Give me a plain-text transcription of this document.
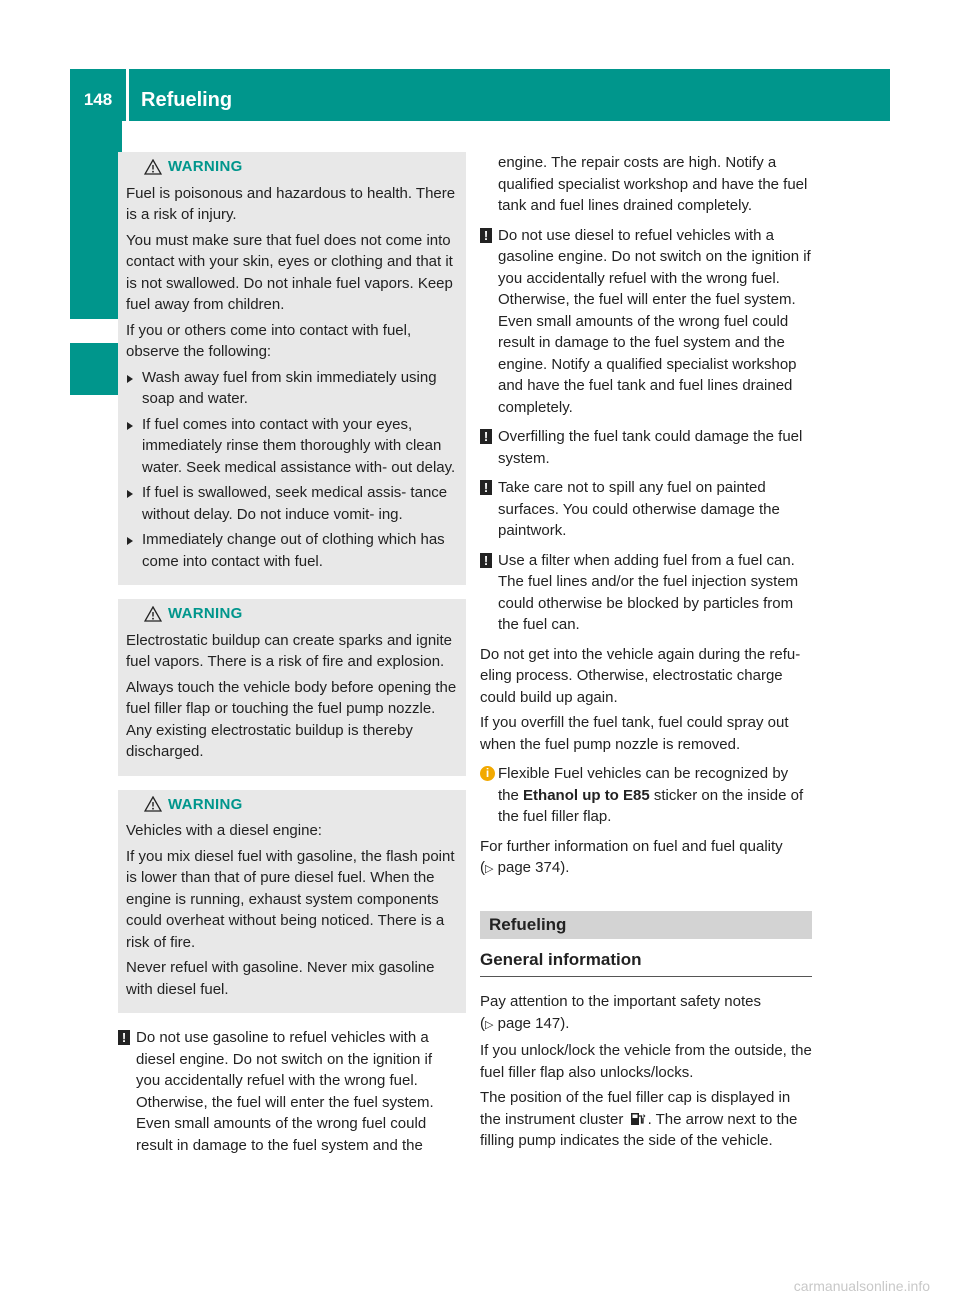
148	Refueling
WARNING

Fuel is poisonous and hazardous to health. There is a risk of injury.

You must make sure that fuel does not come into contact with your skin, eyes or clothing and that it is not swallowed. Do not inhale fuel vapors. Keep fuel away from children.

If you or others come into contact with fuel, observe the following:

Wash away fuel from skin immediately using soap and water.
If fuel comes into contact with your eyes, immediately rinse them thoroughly with clean water. Seek medical assistance with- out delay.
If fuel is swallowed, seek medical assis- tance without delay. Do not induce vomit- ing.
Immediately change out of clothing which has come into contact with fuel.
WARNING

Electrostatic buildup can create sparks and ignite fuel vapors. There is a risk of fire and explosion.

Always touch the vehicle body before opening the fuel filler flap or touching the fuel pump nozzle. Any existing electrostatic buildup is thereby discharged.

WARNING

Vehicles with a diesel engine:

If you mix diesel fuel with gasoline, the flash point is lower than that of pure diesel fuel. When the engine is running, exhaust system components could overheat without being noticed. There is a risk of fire.

Never refuel with gasoline. Never mix gasoline with diesel fuel.

! Do not use gasoline to refuel vehicles with a diesel engine. Do not switch on the ignition if you accidentally refuel with the wrong fuel. Otherwise, the fuel will enter the fuel system. Even small amounts of the wrong fuel could result in damage to the fuel system and the

engine. The repair costs are high. Notify a qualified specialist workshop and have the fuel tank and fuel lines drained completely.

! Do not use diesel to refuel vehicles with a gasoline engine. Do not switch on the ignition if you accidentally refuel with the wrong fuel. Otherwise, the fuel will enter the fuel system. Even small amounts of the wrong fuel could result in damage to the fuel system and the engine. Notify a qualified specialist workshop and have the fuel tank and fuel lines drained completely.
! Overfilling the fuel tank could damage the fuel system.
! Take care not to spill any fuel on painted surfaces. You could otherwise damage the paintwork.
! Use a filter when adding fuel from a fuel can. The fuel lines and/or the fuel injection system could otherwise be blocked by particles from the fuel can.

Do not get into the vehicle again during the refu- eling process. Otherwise, electrostatic charge could build up again.

If you overfill the fuel tank, fuel could spray out when the fuel pump nozzle is removed.

i Flexible Fuel vehicles can be recognized by the Ethanol up to E85 sticker on the inside of the fuel filler flap.

For further information on fuel and fuel quality
(▷ page 374).

Refueling
General information

Pay attention to the important safety notes
(▷ page 147).

If you unlock/lock the vehicle from the outside, the fuel filler flap also unlocks/locks.

The position of the fuel filler cap is displayed in the instrument cluster . The arrow next to the filling pump indicates the side of the vehicle.

carmanualsonline.info
